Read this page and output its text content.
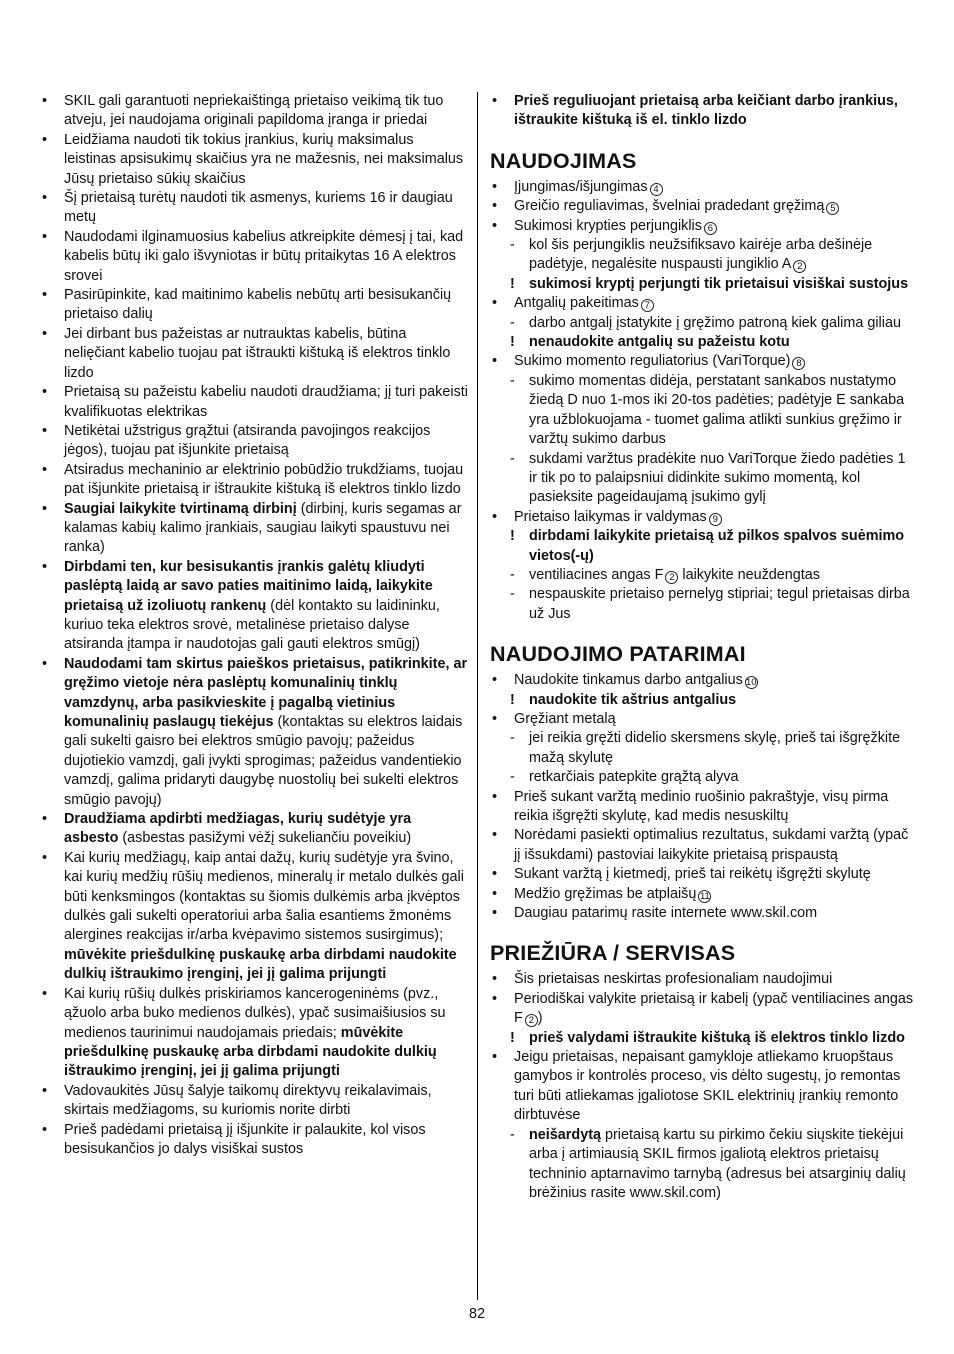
• SKIL gali garantuoti nepriekaištingą prietaiso veikimą tik tuo atveju, jei naudojama originali papildoma įranga ir priedai
• Leidžiama naudoti tik tokius įrankius, kurių maksimalus leistinas apsisukimų skaičius yra ne mažesnis, nei maksimalus Jūsų prietaiso sūkių skaičius
• Šį prietaisą turėtų naudoti tik asmenys, kuriems 16 ir daugiau metų
• Naudodami ilginamuosius kabelius atkreipkite dėmesį į tai, kad kabelis būtų iki galo išvyniotas ir būtų pritaikytas 16 A elektros srovei
• Pasirūpinkite, kad maitinimo kabelis nebūtų arti besisukančių prietaiso dalių
• Jei dirbant bus pažeistas ar nutrauktas kabelis, būtina nelięčiant kabelio tuojau pat ištraukti kištuką iš elektros tinklo lizdo
• Prietaisą su pažeistu kabeliu naudoti draudžiama; jį turi pakeisti kvalifikuotas elektrikas
• Netikėtai užstrigus grąžtui (atsiranda pavojingos reakcijos jėgos), tuojau pat išjunkite prietaisą
• Atsiradus mechaninio ar elektrinio pobūdžio trukdžiams, tuojau pat išjunkite prietaisą ir ištraukite kištuką iš elektros tinklo lizdo
• Saugiai laikykite tvirtinamą dirbinį (dirbinį, kuris segamas ar kalamas kabių kalimo įrankiais, saugiau laikyti spaustuvu nei ranka)
• Dirbdami ten, kur besisukantis įrankis galėtų kliudyti paslėptą laidą ar savo paties maitinimo laidą, laikykite prietaisą už izoliuotų rankenų (dėl kontakto su laidininku, kuriuo teka elektros srovė, metalinėse prietaiso dalyse atsiranda įtampa ir naudotojas gali gauti elektros smūgį)
• Naudodami tam skirtus paieškos prietaisus, patikrinkite, ar gręžimo vietoje nėra paslėptų komunalinių tinklų vamzdynų, arba pasikvieskite į pagalbą vietinius komunalinių paslaugų tiekėjus (kontaktas su elektros laidais gali sukelti gaisro bei elektros smūgio pavojų; pažeidus dujotiekio vamzdį, gali įvykti sprogimas; pažeidus vandentiekio vamzdį, galima pridaryti daugybę nuostolių bei sukelti elektros smūgio pavojų)
• Draudžiama apdirbti medžiagas, kurių sudėtyje yra asbesto (asbestas pasižymi vėžį sukeliančiu poveikiu)
• Kai kurių medžiagų, kaip antai dažų, kurių sudėtyje yra švino, kai kurių medžių rūšių medienos, mineralų ir metalo dulkės gali būti kenksmingos (kontaktas su šiomis dulkėmis arba įkvėptos dulkės gali sukelti operatoriui arba šalia esantiems žmonėms alergines reakcijas ir/arba kvėpavimo sistemos susirgimus); mūvėkite priešdulkinę puskaukę arba dirbdami naudokite dulkių ištraukimo įrenginį, jei jį galima prijungti
• Kai kurių rūšių dulkės priskiriamos kancerogeninėms (pvz., ąžuolo arba buko medienos dulkės), ypač susimaišiusios su medienos taurinimui naudojamais priedais; mūvėkite priešdulkinę puskaukę arba dirbdami naudokite dulkių ištraukimo įrenginį, jei jį galima prijungti
• Vadovaukitės Jūsų šalyje taikomų direktyvų reikalavimais, skirtais medžiagoms, su kuriomis norite dirbti
• Prieš padėdami prietaisą jį išjunkite ir palaukite, kol visos besisukančios jo dalys visiškai sustos
• Prieš reguliuojant prietaisą arba keičiant darbo įrankius, ištraukite kištuką iš el. tinklo lizdo
NAUDOJIMAS
• Įjungimas/išjungimas 4
• Greičio reguliavimas, švelniai pradedant gręžimą 5
• Sukimosi krypties perjungiklis 6
- kol šis perjungiklis neužsifiksavo kairėje arba dešinėje padėtyje, negalėsite nuspausti jungiklio A 2
! sukimosi kryptį perjungti tik prietaisui visiškai sustojus
• Antgalių pakeitimas 7
- darbo antgalį įstatykite į gręžimo patroną kiek galima giliau
! nenaudokite antgalių su pažeistu kotu
• Sukimo momento reguliatorius (VariTorque) 8
- sukimo momentas didėja, perstatant sankabos nustatymo žiedą D nuo 1-mos iki 20-tos padėties; padėtyje E sankaba yra užblokuojama - tuomet galima atlikti sunkius gręžimo ir varžtų sukimo darbus
- sukdami varžtus pradėkite nuo VariTorque žiedo padėties 1 ir tik po to palaipsniui didinkite sukimo momentą, kol pasieksite pageidaujamą įsukimo gylį
• Prietaiso laikymas ir valdymas 9
! dirbdami laikykite prietaisą už pilkos spalvos suėmimo vietos(-ų)
- ventiliacines angas F 2 laikykite neuždengtas
- nespauskite prietaiso pernelyg stipriai; tegul prietaisas dirba už Jus
NAUDOJIMO PATARIMAI
• Naudokite tinkamus darbo antgalius 10
! naudokite tik aštrius antgalius
• Gręžiant metalą
- jei reikia gręžti didelio skersmens skylę, prieš tai išgręžkite mažą skylutę
- retkarčiais patepkite grąžtą alyva
• Prieš sukant varžtą medinio ruošinio pakraštyje, visų pirma reikia išgręžti skylutę, kad medis nesuskiltų
• Norėdami pasiekti optimalius rezultatus, sukdami varžtą (ypač jį išsukdami) pastoviai laikykite prietaisą prispaustą
• Sukant varžtą į kietmedį, prieš tai reikėtų išgręžti skylutę
• Medžio gręžimas be atplaišų 11
• Daugiau patarimų rasite internete www.skil.com
PRIEŽIŪRA / SERVISAS
• Šis prietaisas neskirtas profesionaliam naudojimui
• Periodiškai valykite prietaisą ir kabelį (ypač ventiliacines angas F 2 )
! prieš valydami ištraukite kištuką iš elektros tinklo lizdo
• Jeigu prietaisas, nepaisant gamykloje atliekamo kruopštaus gamybos ir kontrolės proceso, vis dėlto sugestų, jo remontas turi būti atliekamas įgaliotose SKIL elektrinių įrankių remonto dirbtuvėse
- neišardytą prietaisą kartu su pirkimo čekiu siųskite tiekėjui arba į artimiausią SKIL firmos įgaliotą elektros prietaisų techninio aptarnavimo tarnybą (adresus bei atsarginių dalių brėžinius rasite www.skil.com)
82
